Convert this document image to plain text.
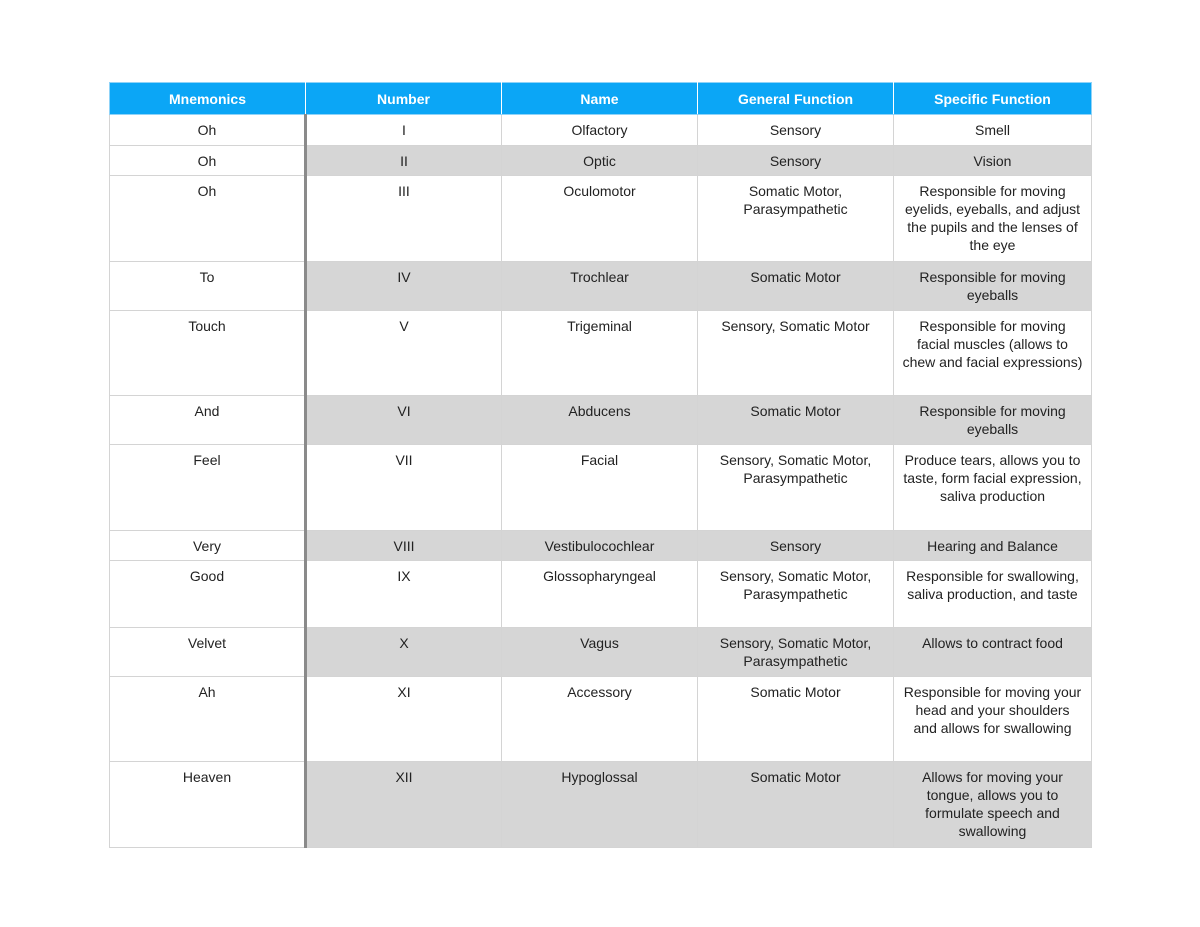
Mnemonics	Number	Name	General Function	Specific Function
Oh	I	Olfactory	Sensory	Smell
Oh	II	Optic	Sensory	Vision
Oh	III	Oculomotor	Somatic Motor, Parasympathetic	Responsible for moving eyelids, eyeballs, and adjust the pupils and the lenses of the eye
To	IV	Trochlear	Somatic Motor	Responsible for moving eyeballs
Touch	V	Trigeminal	Sensory, Somatic Motor	Responsible for moving facial muscles (allows to chew and facial expressions)
And	VI	Abducens	Somatic Motor	Responsible for moving eyeballs
Feel	VII	Facial	Sensory, Somatic Motor, Parasympathetic	Produce tears, allows you to taste, form facial expression, saliva production
Very	VIII	Vestibulocochlear	Sensory	Hearing and Balance
Good	IX	Glossopharyngeal	Sensory, Somatic Motor, Parasympathetic	Responsible for swallowing, saliva production, and taste
Velvet	X	Vagus	Sensory, Somatic Motor, Parasympathetic	Allows to contract food
Ah	XI	Accessory	Somatic Motor	Responsible for moving your head and your shoulders and allows for swallowing
Heaven	XII	Hypoglossal	Somatic Motor	Allows for moving your tongue, allows you to formulate speech and swallowing
